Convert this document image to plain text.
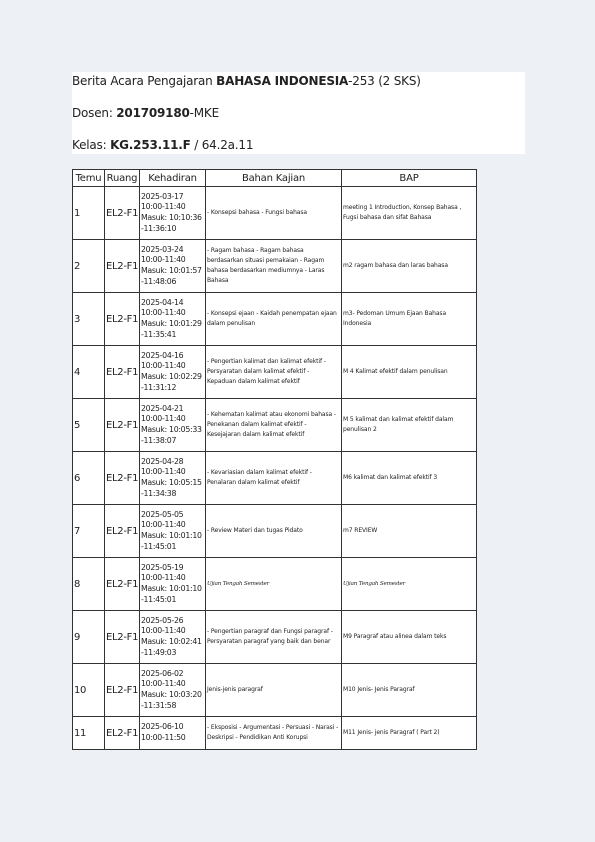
Berita Acara Pengajaran BAHASA INDONESIA-253 (2 SKS)
Dosen: 201709180-MKE
Kelas: KG.253.11.F / 64.2a.11
Temu	Ruang	Kehadiran	Bahan Kajian	BAP
1	EL2-F1	2025-03-17
10:00-11:40
Masuk: 10:10:36
-11:36:10	- Konsepsi bahasa - Fungsi bahasa	meeting 1 Introduction, Konsep Bahasa , Fugsi bahasa dan sifat Bahasa
2	EL2-F1	2025-03-24
10:00-11:40
Masuk: 10:01:57
-11:48:06	- Ragam bahasa - Ragam bahasa berdasarkan situasi pemakaian - Ragam bahasa berdasarkan mediumnya - Laras Bahasa	m2 ragam bahasa dan laras bahasa
3	EL2-F1	2025-04-14
10:00-11:40
Masuk: 10:01:29
-11:35:41	- Konsepsi ejaan - Kaidah penempatan ejaan dalam penulisan	m3- Pedoman Umum Ejaan Bahasa Indonesia
4	EL2-F1	2025-04-16
10:00-11:40
Masuk: 10:02:29
-11:31:12	- Pengertian kalimat dan kalimat efektif - Persyaratan dalam kalimat efektif - Kepaduan dalam kalimat efektif	M 4 Kalimat efektif dalam penulisan
5	EL2-F1	2025-04-21
10:00-11:40
Masuk: 10:05:33
-11:38:07	- Kehematan kalimat atau ekonomi bahasa - Penekanan dalam kalimat efektif - Kesejajaran dalam kalimat efektif	M 5 kalimat dan kalimat efektif dalam penulisan 2
6	EL2-F1	2025-04-28
10:00-11:40
Masuk: 10:05:15
-11:34:38	- Kevariasian dalam kalimat efektif - Penalaran dalam kalimat efektif	M6 kalimat dan kalimat efektif 3
7	EL2-F1	2025-05-05
10:00-11:40
Masuk: 10:01:10
-11:45:01	- Review Materi dan tugas Pidato	m7 REVIEW
8	EL2-F1	2025-05-19
10:00-11:40
Masuk: 10:01:10
-11:45:01	Ujian Tengah Semester	Ujian Tengah Semester
9	EL2-F1	2025-05-26
10:00-11:40
Masuk: 10:02:41
-11:49:03	- Pengertian paragraf dan Fungsi paragraf - Persyaratan paragraf yang baik dan benar	M9 Paragraf atau alinea dalam teks
10	EL2-F1	2025-06-02
10:00-11:40
Masuk: 10:03:20
-11:31:58	Jenis-jenis paragraf	M10 Jenis- Jenis Paragraf
11	EL2-F1	2025-06-10
10:00-11:50	- Eksposisi - Argumentasi - Persuasi - Narasi - Deskripsi - Pendidikan Anti Korupsi	M11 Jenis- jenis Paragraf ( Part 2)
